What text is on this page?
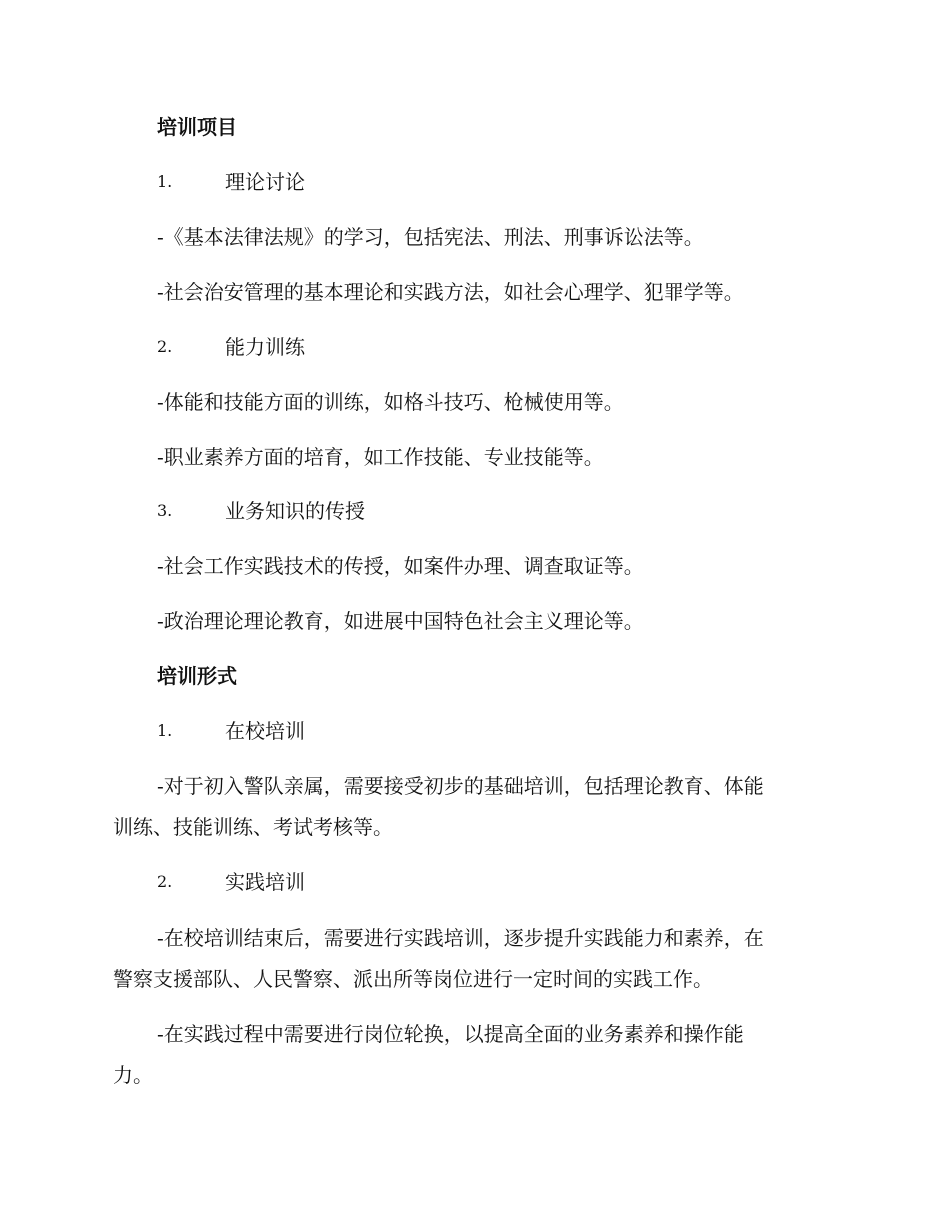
培训项目
1.	理论讨论
-《基本法律法规》的学习，包括宪法、刑法、刑事诉讼法等。
-社会治安管理的基本理论和实践方法，如社会心理学、犯罪学等。
2.	能力训练
-体能和技能方面的训练，如格斗技巧、枪械使用等。
-职业素养方面的培育，如工作技能、专业技能等。
3.	业务知识的传授
-社会工作实践技术的传授，如案件办理、调查取证等。
-政治理论理论教育，如进展中国特色社会主义理论等。
培训形式
1.	在校培训
-对于初入警队亲属，需要接受初步的基础培训，包括理论教育、体能
训练、技能训练、考试考核等。
2.	实践培训
-在校培训结束后，需要进行实践培训，逐步提升实践能力和素养，在
警察支援部队、人民警察、派出所等岗位进行一定时间的实践工作。
-在实践过程中需要进行岗位轮换，以提高全面的业务素养和操作能
力。
